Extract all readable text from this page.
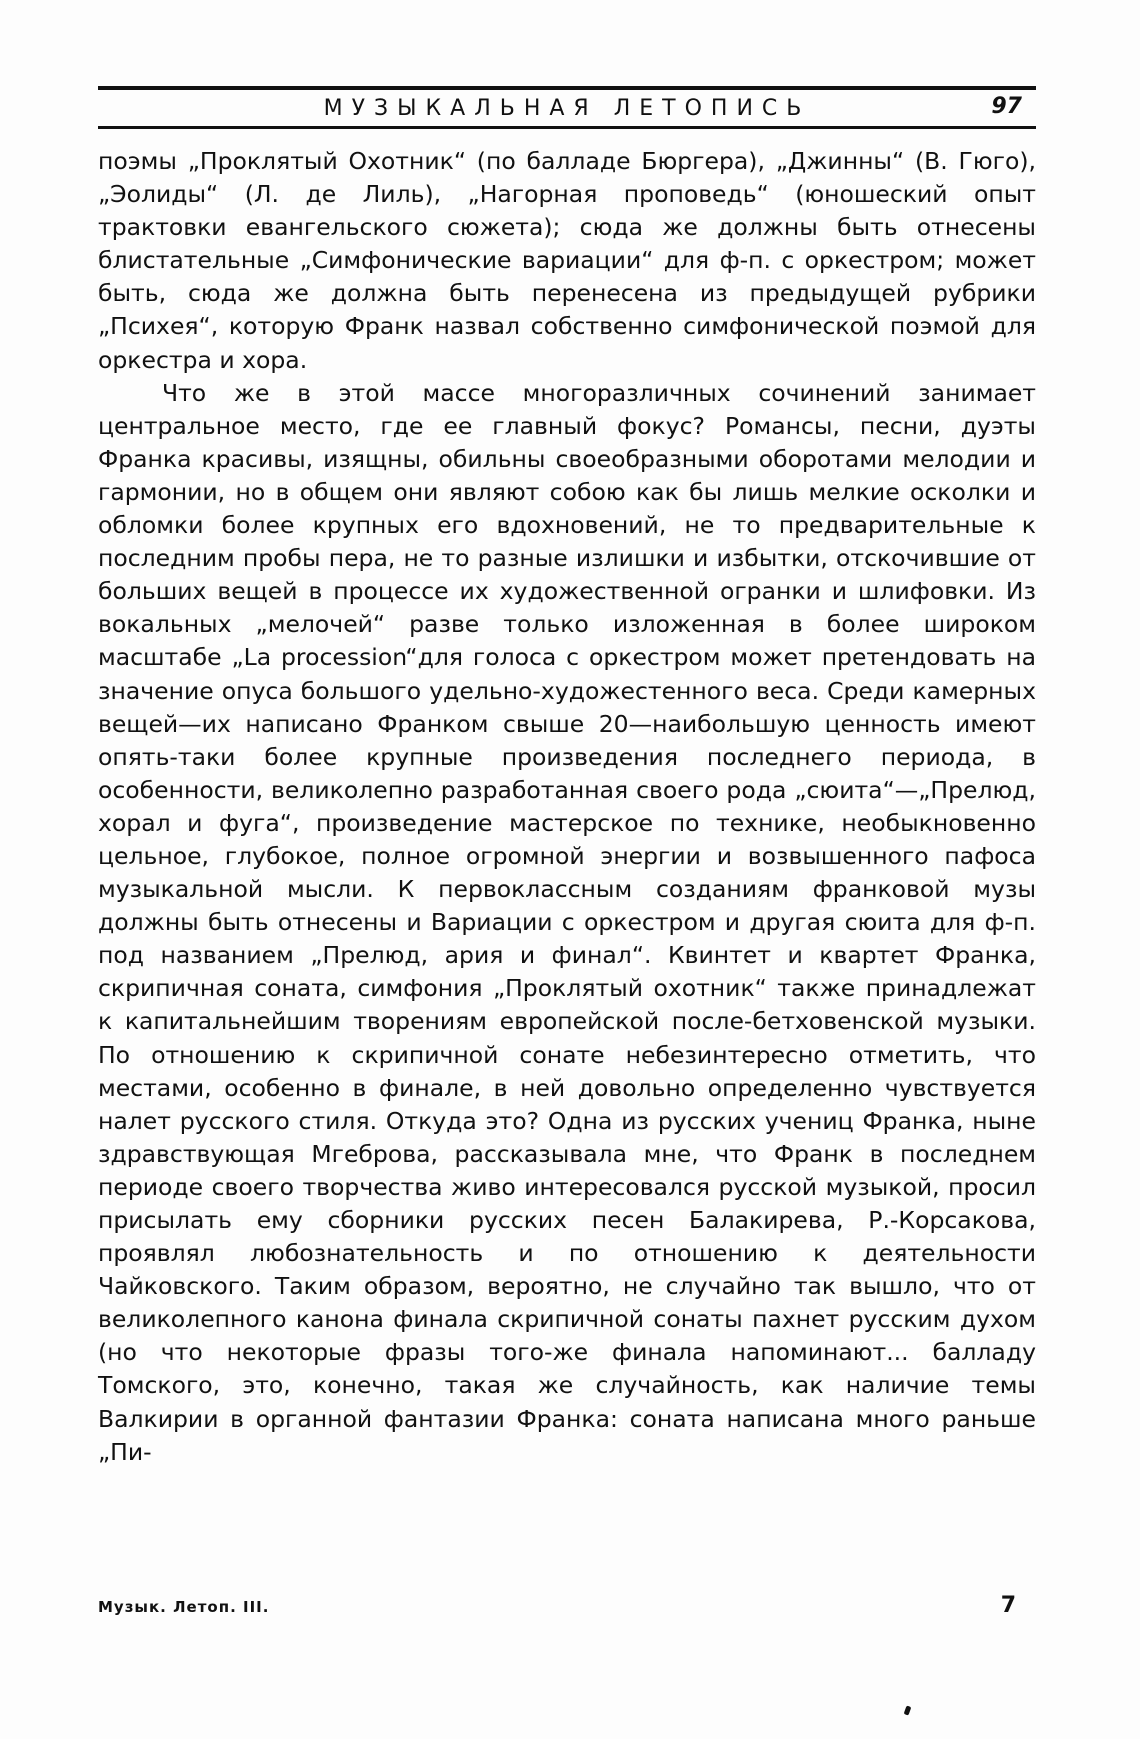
МУЗЫКАЛЬНАЯ ЛЕТОПИСЬ	97

поэмы „Проклятый Охотник“ (по балладе Бюргера), „Джинны“ (В. Гюго), „Эолиды“ (Л. де Лиль), „Нагорная проповедь“ (юношеский опыт трактовки евангельского сюжета); сюда же должны быть отнесены блистательные „Симфонические вариации“ для ф-п. с оркестром; может быть, сюда же должна быть перенесена из предыдущей рубрики „Психея“, которую Франк назвал собственно симфонической поэмой для оркестра и хора.

Что же в этой массе многоразличных сочинений занимает центральное место, где ее главный фокус? Романсы, песни, дуэты Франка красивы, изящны, обильны своеобразными оборотами мелодии и гармонии, но в общем они являют собою как бы лишь мелкие осколки и обломки более крупных его вдохновений, не то предварительные к последним пробы пера, не то разные излишки и избытки, отскочившие от больших вещей в процессе их художественной огранки и шлифовки. Из вокальных „мелочей“ разве только изложенная в более широком масштабе „La procession“для голоса с оркестром может претендовать на значение опуса большого удельно-художестенного веса. Среди камерных вещей—их написано Франком свыше 20—наибольшую ценность имеют опять-таки более крупные произведения последнего периода, в особенности, великолепно разработанная своего рода „сюита“—„Прелюд, хорал и фуга“, произведение мастерское по технике, необыкновенно цельное, глубокое, полное огромной энергии и возвышенного пафоса музыкальной мысли. К первоклассным созданиям франковой музы должны быть отнесены и Вариации с оркестром и другая сюита для ф-п. под названием „Прелюд, ария и финал“. Квинтет и квартет Франка, скрипичная соната, симфония „Проклятый охотник“ также принадлежат к капитальнейшим творениям европейской после-бетховенской музыки. По отношению к скрипичной сонате небезинтересно отметить, что местами, особенно в финале, в ней довольно определенно чувствуется налет русского стиля. Откуда это? Одна из русских учениц Франка, ныне здравствующая Мгеброва, рассказывала мне, что Франк в последнем периоде своего творчества живо интересовался русской музыкой, просил присылать ему сборники русских песен Балакирева, Р.-Корсакова, проявлял любознательность и по отношению к деятельности Чайковского. Таким образом, вероятно, не случайно так вышло, что от великолепного канона финала скрипичной сонаты пахнет русским духом (но что некоторые фразы того-же финала напоминают... балладу Томского, это, конечно, такая же случайность, как наличие темы Валкирии в органной фантазии Франка: соната написана много раньше „Пи-

Музык. Летоп. III.	7
